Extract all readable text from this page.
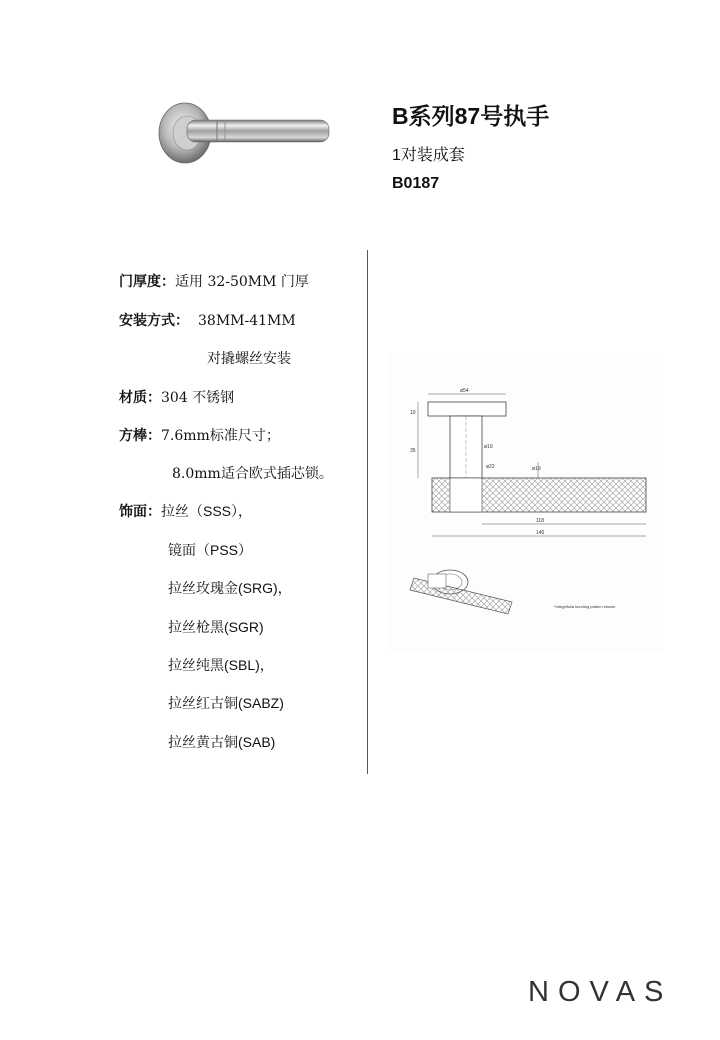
B系列87号执手
1对装成套
B0187
门厚度：适用 32-50MM 门厚
安装方式： 38MM-41MM
对撬螺丝安装
材质：304 不锈钢
方棒：7.6mm标准尺寸；
8.0mm适合欧式插芯锁。
饰面：拉丝（SSS），
镜面（PSS）
拉丝玫瑰金(SRG)，
拉丝枪黑(SGR)
拉丝纯黑(SBL)，
拉丝红古铜(SABZ)
拉丝黄古铜(SAB)
ø54
10
35
ø19
ø22	ø19
118
140
*Integrifolia knurling pattern shown
NOVAS
